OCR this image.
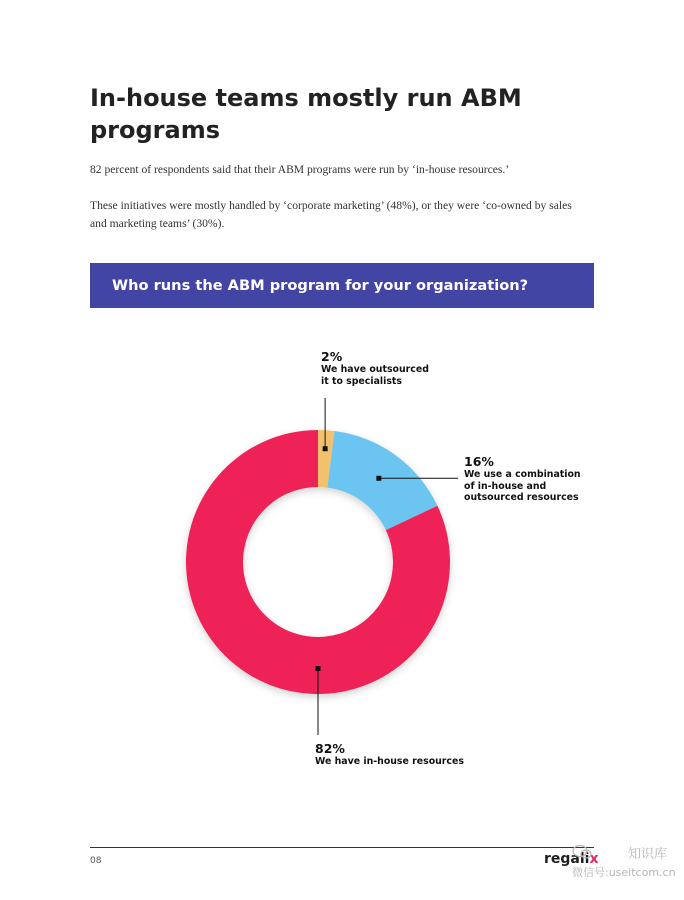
In-house teams mostly run ABM programs

82 percent of respondents said that their ABM programs were run by ‘in-house resources.’

These initiatives were mostly handled by ‘corporate marketing’ (48%), or they were ‘co-owned by sales and marketing teams’ (30%).

Who runs the ABM program for your organization?
2%
We have outsourced
it to specialists
16%
We use a combination
of in-house and
outsourced resources
82%
We have in-house resources
08	regalix 知识库
微信号:useitcom.cn
